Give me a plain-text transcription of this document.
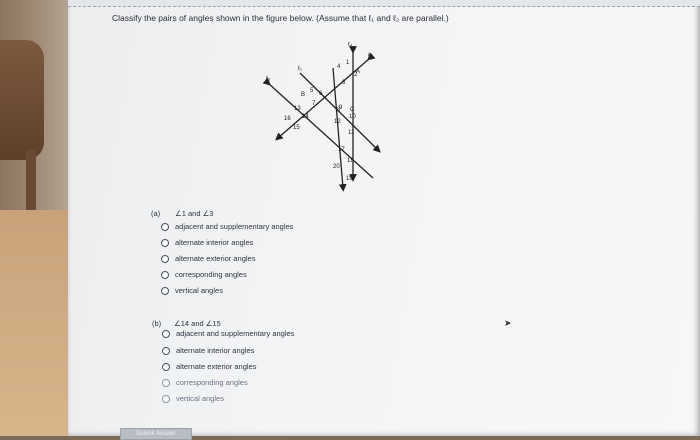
Classify the pairs of angles shown in the figure below. (Assume that ℓ₁ and ℓ₂ are parallel.)
ℓ₄
ℓ₃
ℓ₁
ℓ₂
A
B
C
1
2
3
4
5 6
7
8
9
10
11
12
13
14
15
16
17
18
19
20
(a) ∠1 and ∠3
adjacent and supplementary angles
alternate interior angles
alternate exterior angles
corresponding angles
vertical angles
(b) ∠14 and ∠15
adjacent and supplementary angles
alternate interior angles
alternate exterior angles
corresponding angles
vertical angles
➤
Submit Answer
